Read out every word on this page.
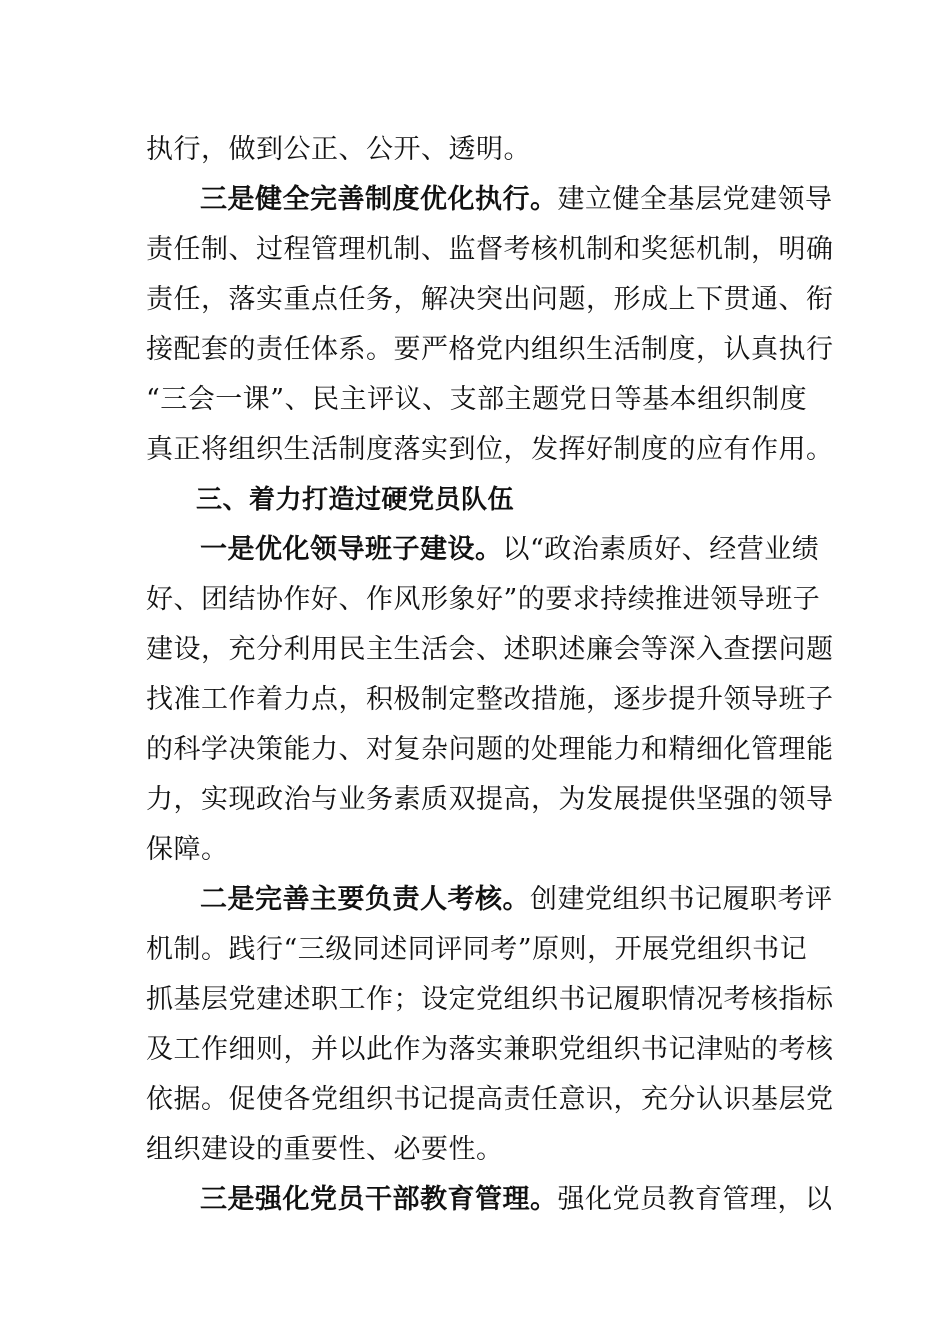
执行，做到公正、公开、透明。
三是健全完善制度优化执行。建立健全基层党建领导
责任制、过程管理机制、监督考核机制和奖惩机制，明确
责任，落实重点任务，解决突出问题，形成上下贯通、衔
接配套的责任体系。要严格党内组织生活制度，认真执行
“三会一课”、民主评议、支部主题党日等基本组织制度
真正将组织生活制度落实到位，发挥好制度的应有作用。
三、着力打造过硬党员队伍
一是优化领导班子建设。以“政治素质好、经营业绩
好、团结协作好、作风形象好”的要求持续推进领导班子
建设，充分利用民主生活会、述职述廉会等深入查摆问题
找准工作着力点，积极制定整改措施，逐步提升领导班子
的科学决策能力、对复杂问题的处理能力和精细化管理能
力，实现政治与业务素质双提高，为发展提供坚强的领导
保障。
二是完善主要负责人考核。创建党组织书记履职考评
机制。践行“三级同述同评同考”原则，开展党组织书记
抓基层党建述职工作；设定党组织书记履职情况考核指标
及工作细则，并以此作为落实兼职党组织书记津贴的考核
依据。促使各党组织书记提高责任意识，充分认识基层党
组织建设的重要性、必要性。
三是强化党员干部教育管理。强化党员教育管理，以
